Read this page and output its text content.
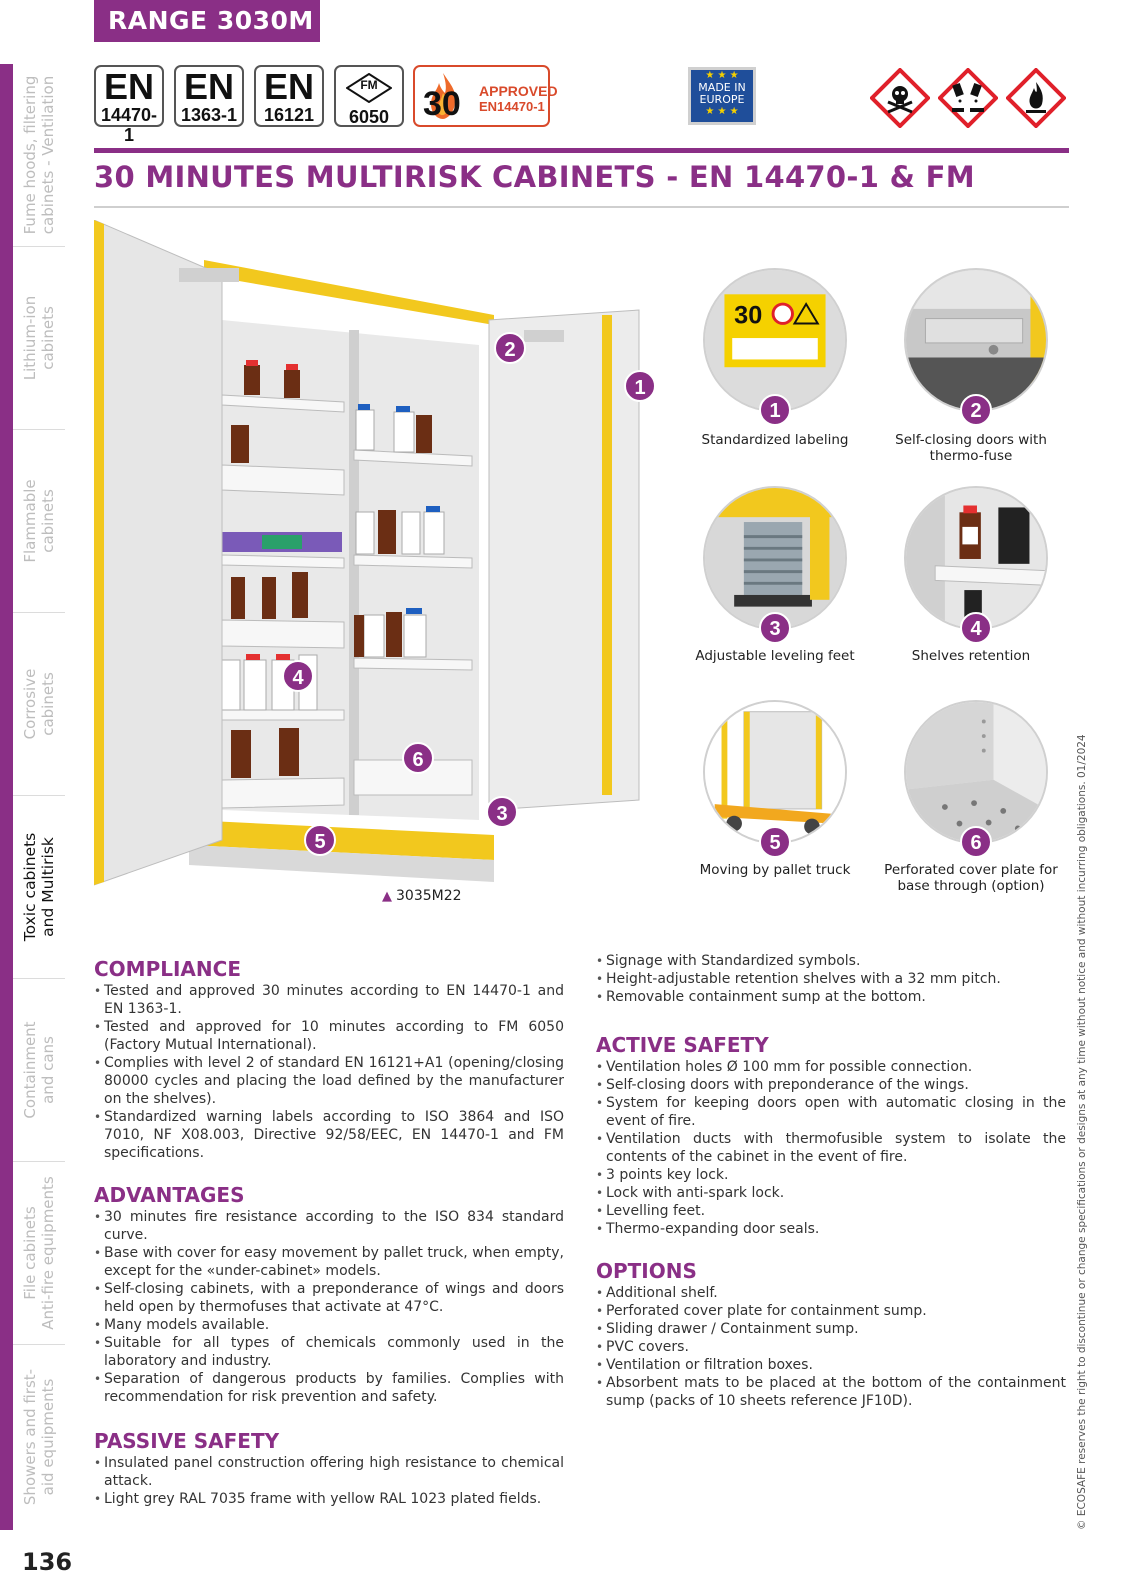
Fume hoods, filtering
cabinets - Ventilation
Lithium-ion
cabinets
Flammable
cabinets
Corrosive
cabinets
Toxic cabinets
and Multirisk
Containment
and cans
File cabinets
Anti-fire equipments
Showers and first-
aid equipments
136
RANGE 3030M
EN
14470-1
EN
1363-1
EN
16121
FM
6050 30 APPROVED
EN14470-1
★ ★ ★
MADE IN
EUROPE
★ ★ ★
30 MINUTES MULTIRISK CABINETS - EN 14470-1 & FM
1
2
3
4
5
6
▲ 3035M22
30
1
Standardized labeling
2
Self-closing doors with thermo-fuse
3
Adjustable leveling feet
4
Shelves retention
5
Moving by pallet truck
6
Perforated cover plate for base through (option)
COMPLIANCE
• Tested and approved 30 minutes according to EN 14470-1 and EN 1363-1.
• Tested and approved for 10 minutes according to FM 6050 (Factory Mutual International).
• Complies with level 2 of standard EN 16121+A1 (opening/closing 80000 cycles and placing the load defined by the manufacturer on the shelves).
• Standardized warning labels according to ISO 3864 and ISO 7010, NF X08.003, Directive 92/58/EEC, EN 14470-1 and FM specifications.
ADVANTAGES
• 30 minutes fire resistance according to the ISO 834 standard curve.
• Base with cover for easy movement by pallet truck, when empty, except for the «under-cabinet» models.
• Self-closing cabinets, with a preponderance of wings and doors held open by thermofuses that activate at 47°C.
• Many models available.
• Suitable for all types of chemicals commonly used in the laboratory and industry.
• Separation of dangerous products by families. Complies with recommendation for risk prevention and safety.
PASSIVE SAFETY
• Insulated panel construction offering high resistance to chemical attack.
• Light grey RAL 7035 frame with yellow RAL 1023 plated fields.
• Signage with Standardized symbols.
• Height-adjustable retention shelves with a 32 mm pitch.
• Removable containment sump at the bottom.
ACTIVE SAFETY
• Ventilation holes Ø 100 mm for possible connection.
• Self-closing doors with preponderance of the wings.
• System for keeping doors open with automatic closing in the event of fire.
• Ventilation ducts with thermofusible system to isolate the contents of the cabinet in the event of fire.
• 3 points key lock.
• Lock with anti-spark lock.
• Levelling feet.
• Thermo-expanding door seals.
OPTIONS
• Additional shelf.
• Perforated cover plate for containment sump.
• Sliding drawer / Containment sump.
• PVC covers.
• Ventilation or filtration boxes.
• Absorbent mats to be placed at the bottom of the containment sump (packs of 10 sheets reference JF10D).	© ECOSAFE reserves the right to discontinue or change specifications or designs at any time without notice and without incurring obligations. 01/2024
